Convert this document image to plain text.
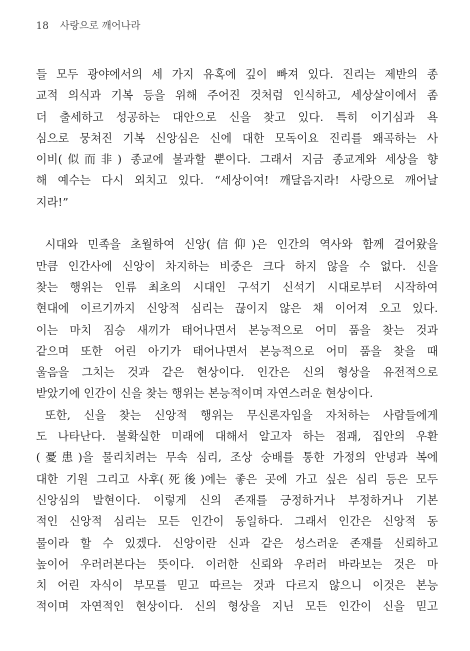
18 사랑으로 깨어나라
들 모두 광야에서의 세 가지 유혹에 깊이 빠져 있다. 진리는 제반의 종
교적 의식과 기복 등을 위해 주어진 것처럼 인식하고, 세상살이에서 좀
더 출세하고 성공하는 대안으로 신을 찾고 있다. 특히 이기심과 욕
심으로 뭉쳐진 기복 신앙심은 신에 대한 모독이요 진리를 왜곡하는 사
이비(似而非) 종교에 불과할 뿐이다. 그래서 지금 종교계와 세상을 향
해 예수는 다시 외치고 있다. “세상이여! 깨달음지라! 사랑으로 깨어날
지라!”
시대와 민족을 초월하여 신앙(信仰)은 인간의 역사와 함께 걸어왔을
만큼 인간사에 신앙이 차지하는 비중은 크다 하지 않을 수 없다. 신을
찾는 행위는 인류 최초의 시대인 구석기 신석기 시대로부터 시작하여
현대에 이르기까지 신앙적 심리는 끊이지 않은 채 이어져 오고 있다.
이는 마치 짐승 새끼가 태어나면서 본능적으로 어미 품을 찾는 것과
같으며 또한 어린 아기가 태어나면서 본능적으로 어미 품을 찾을 때
울음을 그치는 것과 같은 현상이다. 인간은 신의 형상을 유전적으로
받았기에 인간이 신을 찾는 행위는 본능적이며 자연스러운 현상이다.
또한, 신을 찾는 신앙적 행위는 무신론자임을 자처하는 사람들에게
도 나타난다. 불확실한 미래에 대해서 알고자 하는 점괘, 집안의 우환
(憂患)을 물리치려는 무속 심리, 조상 숭배를 통한 가정의 안녕과 복에
대한 기원 그리고 사후(死後)에는 좋은 곳에 가고 싶은 심리 등은 모두
신앙심의 발현이다. 이렇게 신의 존재를 긍정하거나 부정하거나 기본
적인 신앙적 심리는 모든 인간이 동일하다. 그래서 인간은 신앙적 동
물이라 할 수 있겠다. 신앙이란 신과 같은 성스러운 존재를 신뢰하고
높이어 우러러본다는 뜻이다. 이러한 신뢰와 우러러 바라보는 것은 마
치 어린 자식이 부모를 믿고 따르는 것과 다르지 않으니 이것은 본능
적이며 자연적인 현상이다. 신의 형상을 지닌 모든 인간이 신을 믿고
